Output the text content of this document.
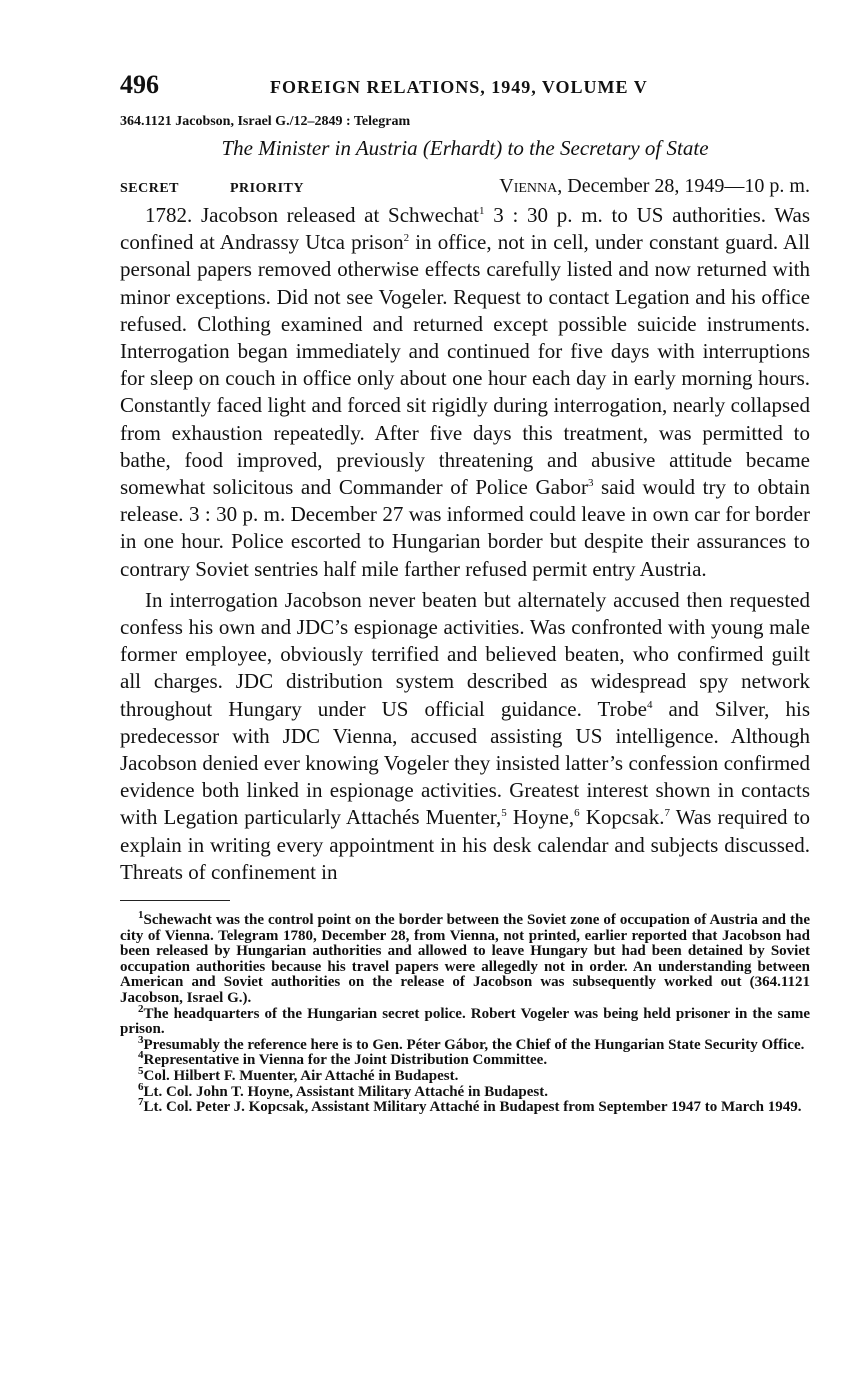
496	FOREIGN RELATIONS, 1949, VOLUME V
364.1121 Jacobson, Israel G./12–2849 : Telegram
The Minister in Austria (Erhardt) to the Secretary of State
SECRET	PRIORITY	Vienna, December 28, 1949—10 p. m.

1782. Jacobson released at Schwechat$^1$ 3 : 30 p. m. to US authorities. Was confined at Andrassy Utca prison$^2$ in office, not in cell, under constant guard. All personal papers removed otherwise effects carefully listed and now returned with minor exceptions. Did not see Vogeler. Request to contact Legation and his office refused. Clothing examined and returned except possible suicide instruments. Interrogation began immediately and continued for five days with interruptions for sleep on couch in office only about one hour each day in early morning hours. Constantly faced light and forced sit rigidly during interrogation, nearly collapsed from exhaustion repeatedly. After five days this treatment, was permitted to bathe, food improved, previously threatening and abusive attitude became somewhat solicitous and Commander of Police Gabor$^3$ said would try to obtain release. 3 : 30 p. m. December 27 was informed could leave in own car for border in one hour. Police escorted to Hungarian border but despite their assurances to contrary Soviet sentries half mile farther refused permit entry Austria.

In interrogation Jacobson never beaten but alternately accused then requested confess his own and JDC’s espionage activities. Was confronted with young male former employee, obviously terrified and believed beaten, who confirmed guilt all charges. JDC distribution system described as widespread spy network throughout Hungary under US official guidance. Trobe$^4$ and Silver, his predecessor with JDC Vienna, accused assisting US intelligence. Although Jacobson denied ever knowing Vogeler they insisted latter’s confession confirmed evidence both linked in espionage activities. Greatest interest shown in contacts with Legation particularly Attachés Muenter,$^5$ Hoyne,$^6$ Kopcsak.$^7$ Was required to explain in writing every appointment in his desk calendar and subjects discussed. Threats of confinement in

$^1$Schewacht was the control point on the border between the Soviet zone of occupation of Austria and the city of Vienna. Telegram 1780, December 28, from Vienna, not printed, earlier reported that Jacobson had been released by Hungarian authorities and allowed to leave Hungary but had been detained by Soviet occupation authorities because his travel papers were allegedly not in order. An understanding between American and Soviet authorities on the release of Jacobson was subsequently worked out (364.1121 Jacobson, Israel G.).

$^2$The headquarters of the Hungarian secret police. Robert Vogeler was being held prisoner in the same prison.

$^3$Presumably the reference here is to Gen. Péter Gábor, the Chief of the Hungarian State Security Office.

$^4$Representative in Vienna for the Joint Distribution Committee.

$^5$Col. Hilbert F. Muenter, Air Attaché in Budapest.

$^6$Lt. Col. John T. Hoyne, Assistant Military Attaché in Budapest.

$^7$Lt. Col. Peter J. Kopcsak, Assistant Military Attaché in Budapest from September 1947 to March 1949.
